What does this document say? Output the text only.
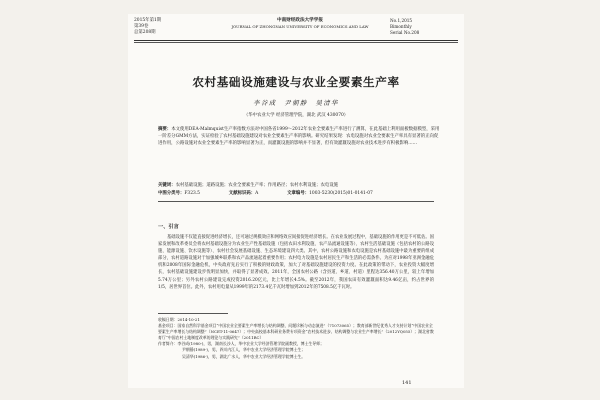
2015年第1期
第39卷
总第208期
中南财经政法大学学报
JOURNAL OF ZHONGNAN UNIVERSITY OF ECONOMICS AND LAW
No.1,2015
Bimonthly
Serial No.208
农村基础设施建设与农业全要素生产率
李谷成　尹朝静　吴清华
（华中农业大学 经济管理学院，湖北 武汉 430070）
摘要：本文使用DEA-Malmquist生产率指数方法对中国各省1999～2012年农业全要素生产率进行了测算，在此基础上利用面板数据模型，采用一阶差分GMM方法，实证检验了农村基础设施建设对农业全要素生产率的影响。研究结果发现：农电设施对农业全要素生产率具有显著的正向促进作用，公路设施对农业全要素生产率的影响显著为正，而灌溉设施的影响并不显著，但有效灌溉设施对农业技术进步有积极影响……
关键词：农村基础设施；道路设施；农业全要素生产率；作用路径；农村水利设施；农电设施
中图分类号：F323.5	文献标识码：A	文章编号：1003-5230(2015)01-0141-07
一、引言
基础设施不仅能直接促进经济增长，还可通过规模效应和网络效应间接促进经济增长。在农业发展过程中，基础设施的作用更是不可低估。国家发展和改革委员会将农村基础设施分为农业生产性基础设施（包括农田水利设施、农产品流通设施等）、农村生活基础设施（包括农村的公路设施、能源设施、饮水设施等）、农村社会发展基础设施、生态环境建设四大类。其中，农村公路设施和农电设施是农村基础设施中最为重要的组成部分，农村道路设施对于加强城乡联系和农产品流通起着重要作用；农村电力设施是农村居民生产和生活的必需条件。为应对1998年亚洲金融危机和2008年国际金融危机，中央政府先后实行了积极的财政政策，加大了对基础设施建设的投资力度。在此政策的带动下，农业投资大幅度增长，农村基础设施建设步伐明显加快，并取得了显著成效。2011年，全国农村公路（含县道、乡道、村道）里程达356.40万公里，较上年增加5.74万公里；另外农村公路建设完成投资2016.20亿元，比上年增长4.5%。截至2012年，我国农田有效灌溉面积达9.46亿亩，约占世界的1/5，居世界首位。此外，农村用电量从1999年的2173.4亿千瓦时增加到2012年的7508.5亿千瓦时。
收稿日期：2014-10-21
基金项目：国家自然科学基金项目“中国农业全要素生产率增长与结构调整、问题诊断与动态演进”（71073065）；教育部新世纪优秀人才支持计划“中国农业全要素生产率增长与结构调整”（NCET-11-0647）；中央高校基本科研业务费专项资金“农村技术进步、结构调整与农业生产率增长”（2012YQ055）；湖北省教育厅“中国农村土地制度改革的理论与实践研究”（2011RC）
作者简介：李谷成(1980-)，男，湖南长沙人，华中农业大学经济管理学院副教授，博士生导师；
尹朝静(1989-)，男，四川内江人，华中农业大学经济管理学院博士生；
吴清华(1986-)，男，湖北广水人，华中农业大学经济管理学院博士生。
141
